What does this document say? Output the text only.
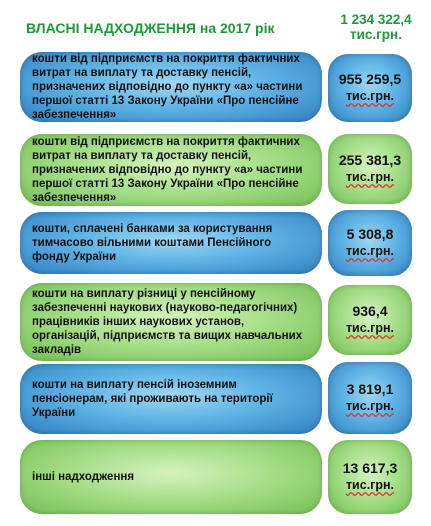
ВЛАСНІ НАДХОДЖЕННЯ на 2017 рік
1 234 322,4
тис.грн.
кошти від підприємств на покриття фактичних витрат на виплату та доставку пенсій, призначених відповідно до пункту «а» частини першої статті 13 Закону України «Про пенсійне забезпечення»
955 259,5
тис.грн.
кошти від підприємств на покриття фактичних витрат на виплату та доставку пенсій, призначених відповідно до пункту «а» частини першої статті 13 Закону України «Про пенсійне забезпечення»
255 381,3
тис.грн.
кошти, сплачені банками за користування тимчасово вільними коштами Пенсійного фонду України
5 308,8
тис.грн.
кошти на виплату різниці у пенсійному забезпеченні наукових (науково-педагогічних) працівників інших наукових установ, організацій, підприємств та вищих навчальних закладів
936,4
тис.грн.
кошти на виплату пенсій іноземним пенсіонерам, які проживають на території України
3 819,1
тис.грн.
інші надходження
13 617,3
тис.грн.
